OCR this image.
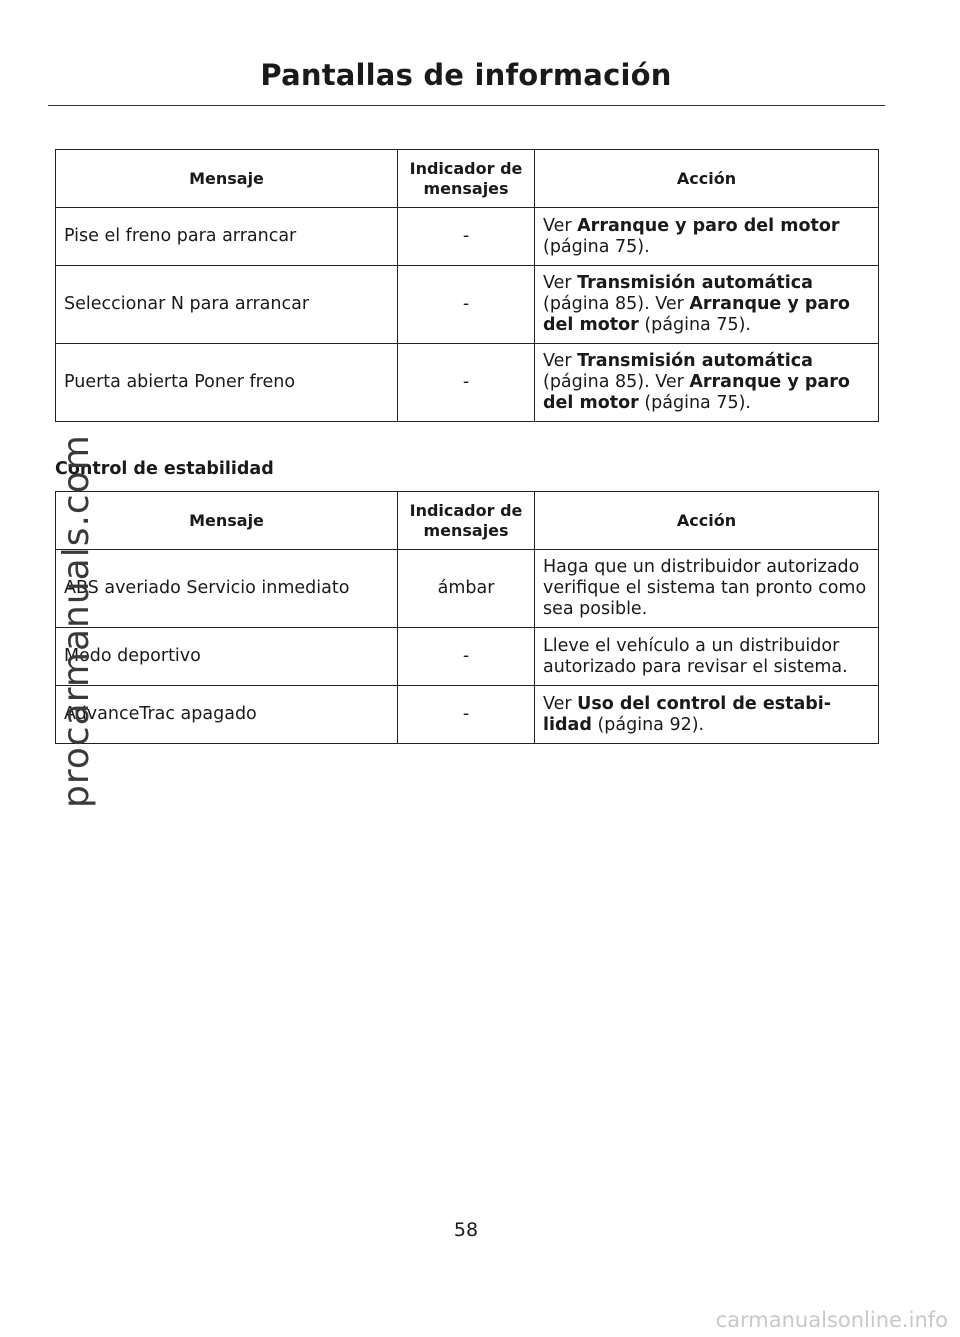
Pantallas de información
Mensaje	Indicador de mensajes	Acción
Pise el freno para arrancar	-	Ver Arranque y paro del motor (página 75).
Seleccionar N para arrancar	-	Ver Transmisión automática (página 85). Ver Arranque y paro del motor (página 75).
Puerta abierta Poner freno	-	Ver Transmisión automática (página 85). Ver Arranque y paro del motor (página 75).
Control de estabilidad
Mensaje	Indicador de mensajes	Acción
ABS averiado Servicio inmediato	ámbar	Haga que un distribuidor autorizado verifique el sistema tan pronto como sea posible.
Modo deportivo	-	Lleve el vehículo a un distribuidor autorizado para revisar el sistema.
AdvanceTrac apagado	-	Ver Uso del control de estabi-lidad (página 92).
58
procarmanuals.com
carmanualsonline.info
